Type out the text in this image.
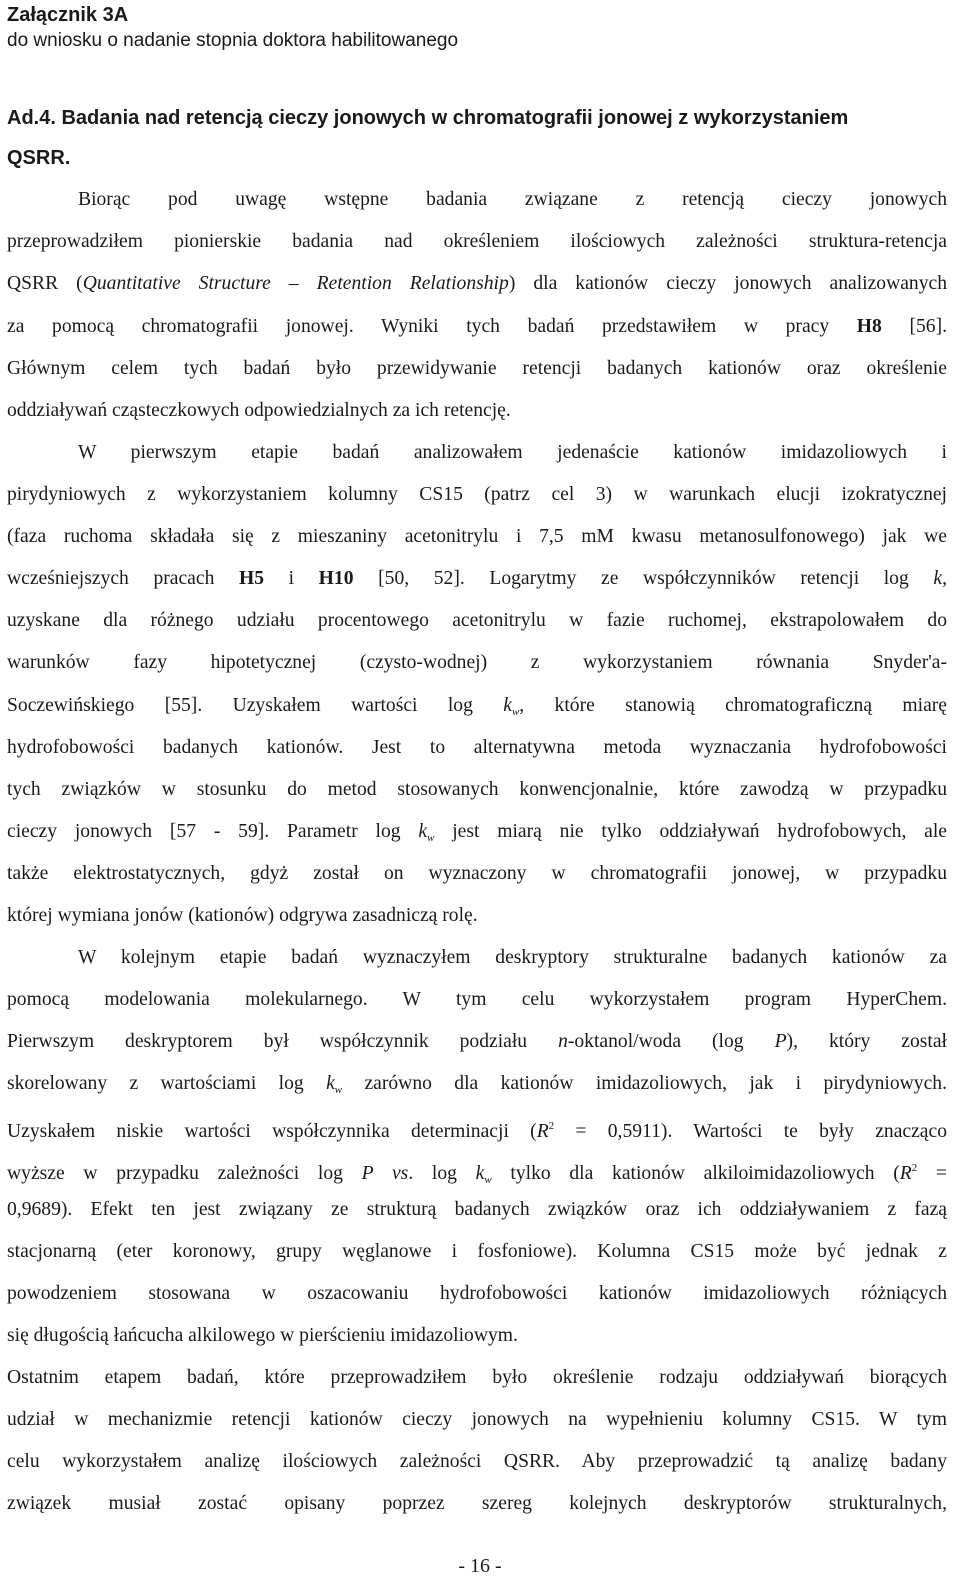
Załącznik 3A
do wniosku o nadanie stopnia doktora habilitowanego
Ad.4. Badania nad retencją cieczy jonowych w chromatografii jonowej z wykorzystaniem
QSRR.
Biorąc pod uwagę wstępne badania związane z retencją cieczy jonowych
przeprowadziłem pionierskie badania nad określeniem ilościowych zależności struktura-retencja
QSRR (Quantitative Structure – Retention Relationship) dla kationów cieczy jonowych analizowanych
za pomocą chromatografii jonowej. Wyniki tych badań przedstawiłem w pracy H8 [56].
Głównym celem tych badań było przewidywanie retencji badanych kationów oraz określenie
oddziaływań cząsteczkowych odpowiedzialnych za ich retencję.
W pierwszym etapie badań analizowałem jedenaście kationów imidazoliowych i
pirydyniowych z wykorzystaniem kolumny CS15 (patrz cel 3) w warunkach elucji izokratycznej
(faza ruchoma składała się z mieszaniny acetonitrylu i 7,5 mM kwasu metanosulfonowego) jak we
wcześniejszych pracach H5 i H10 [50, 52]. Logarytmy ze współczynników retencji log k,
uzyskane dla różnego udziału procentowego acetonitrylu w fazie ruchomej, ekstrapolowałem do
warunków fazy hipotetycznej (czysto-wodnej) z wykorzystaniem równania Snyder'a-
Soczewińskiego [55]. Uzyskałem wartości $\log k_w$, które stanowią chromatograficzną miarę
hydrofobowości badanych kationów. Jest to alternatywna metoda wyznaczania hydrofobowości
tych związków w stosunku do metod stosowanych konwencjonalnie, które zawodzą w przypadku
cieczy jonowych [57 - 59]. Parametr $\log k_w$ jest miarą nie tylko oddziaływań hydrofobowych, ale
także elektrostatycznych, gdyż został on wyznaczony w chromatografii jonowej, w przypadku
której wymiana jonów (kationów) odgrywa zasadniczą rolę.
W kolejnym etapie badań wyznaczyłem deskryptory strukturalne badanych kationów za
pomocą modelowania molekularnego. W tym celu wykorzystałem program HyperChem.
Pierwszym deskryptorem był współczynnik podziału n-oktanol/woda (log P), który został
skorelowany z wartościami $\log k_w$ zarówno dla kationów imidazoliowych, jak i pirydyniowych.
Uzyskałem niskie wartości współczynnika determinacji $(R^2 = 0,5911)$. Wartości te były znacząco
wyższe w przypadku zależności log P vs. $\log k_w$ tylko dla kationów alkiloimidazoliowych ($R^2$ =
0,9689). Efekt ten jest związany ze strukturą badanych związków oraz ich oddziaływaniem z fazą
stacjonarną (eter koronowy, grupy węglanowe i fosfoniowe). Kolumna CS15 może być jednak z
powodzeniem stosowana w oszacowaniu hydrofobowości kationów imidazoliowych różniących
się długością łańcucha alkilowego w pierścieniu imidazoliowym.
Ostatnim etapem badań, które przeprowadziłem było określenie rodzaju oddziaływań biorących
udział w mechanizmie retencji kationów cieczy jonowych na wypełnieniu kolumny CS15. W tym
celu wykorzystałem analizę ilościowych zależności QSRR. Aby przeprowadzić tą analizę badany
związek musiał zostać opisany poprzez szereg kolejnych deskryptorów strukturalnych,
- 16 -
